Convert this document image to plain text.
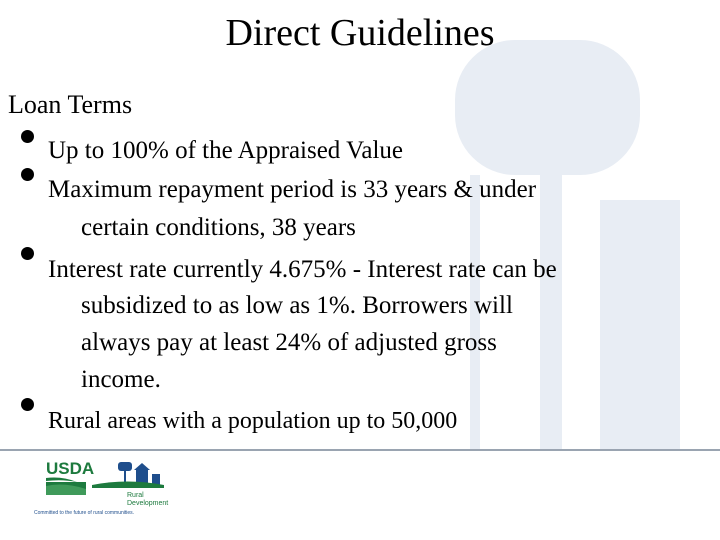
Direct Guidelines
Loan Terms
Up to 100% of the Appraised Value
Maximum repayment period is 33 years & under
certain conditions, 38 years
Interest rate currently 4.675% - Interest rate can be
subsidized to as low as 1%. Borrowers will
always pay at least 24% of adjusted gross
income.
Rural areas with a population up to 50,000
USDA
Rural
Development
Committed to the future of rural communities.
